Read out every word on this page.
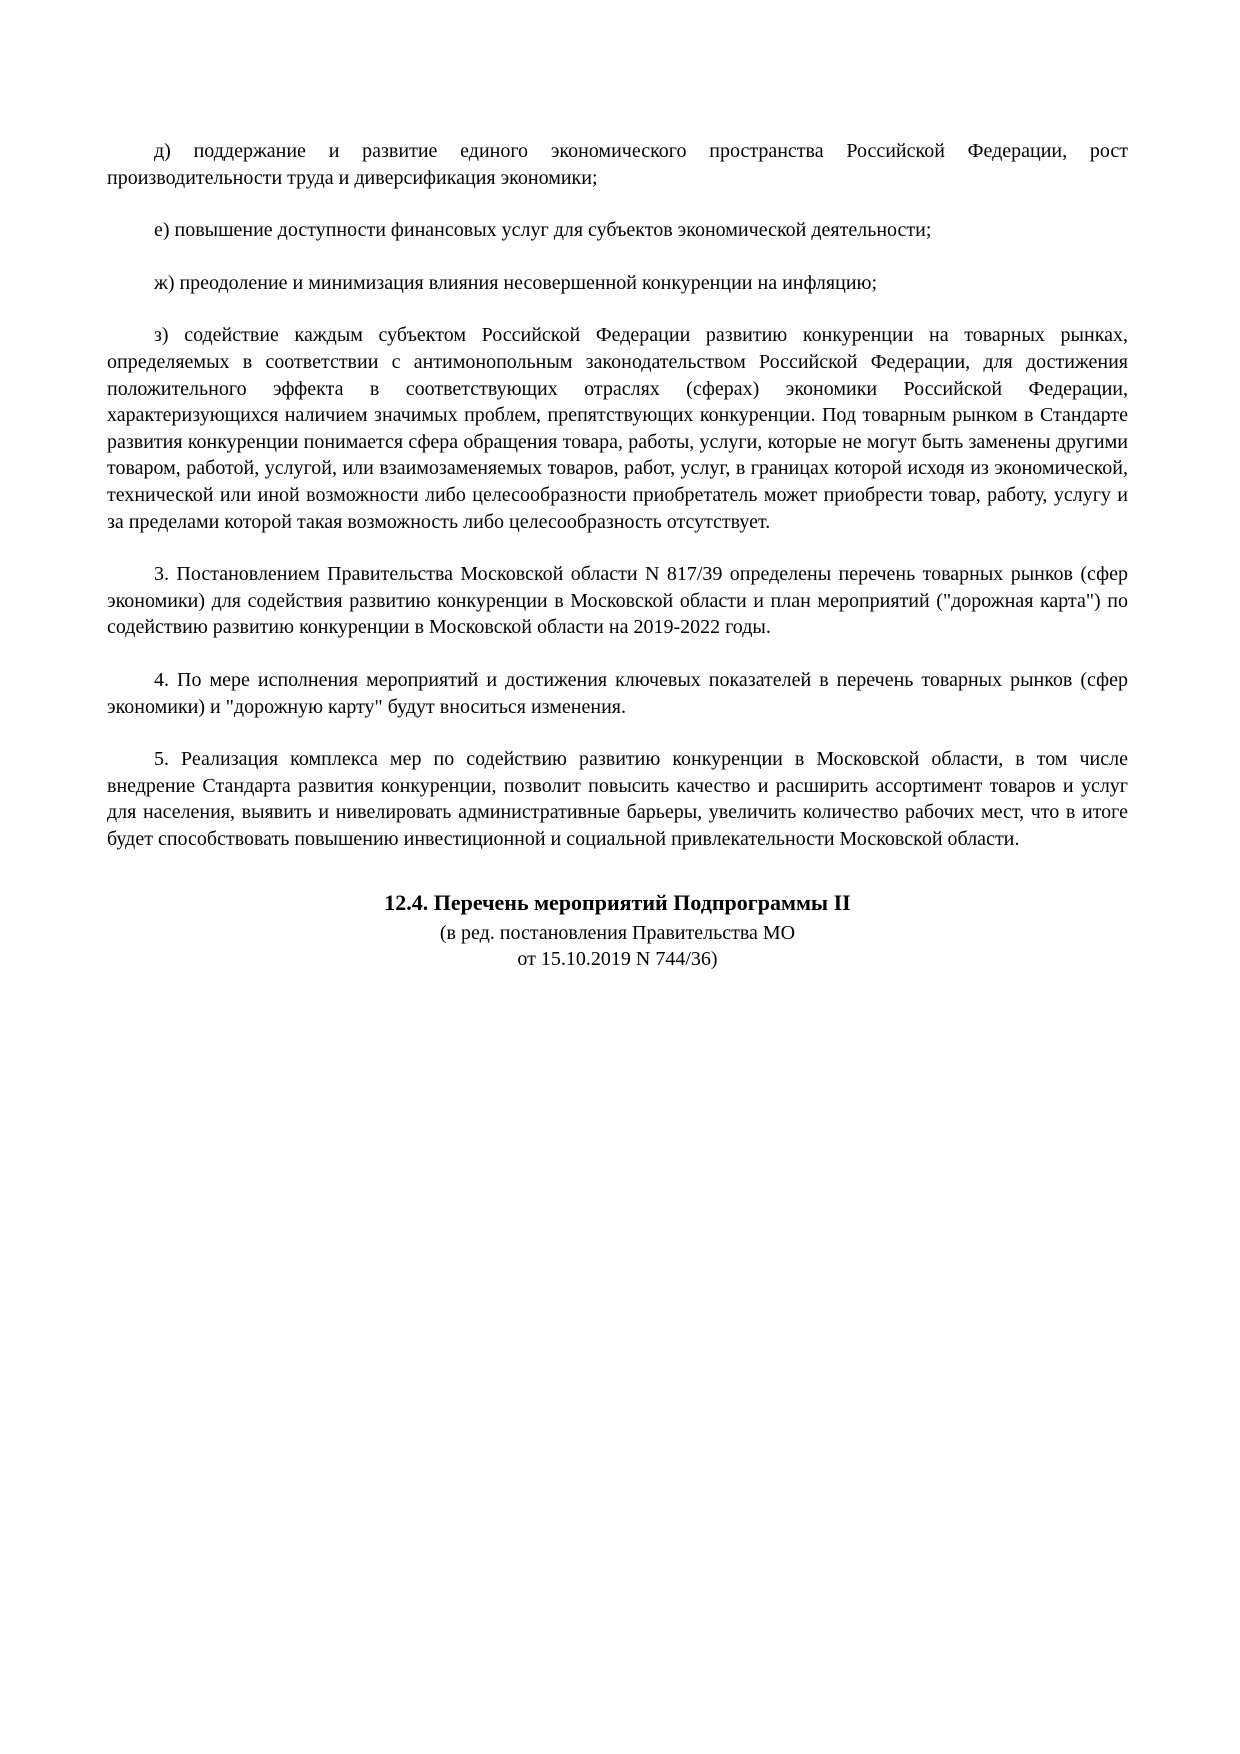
д) поддержание и развитие единого экономического пространства Российской Федерации, рост производительности труда и диверсификация экономики;

е) повышение доступности финансовых услуг для субъектов экономической деятельности;

ж) преодоление и минимизация влияния несовершенной конкуренции на инфляцию;

з) содействие каждым субъектом Российской Федерации развитию конкуренции на товарных рынках, определяемых в соответствии с антимонопольным законодательством Российской Федерации, для достижения положительного эффекта в соответствующих отраслях (сферах) экономики Российской Федерации, характеризующихся наличием значимых проблем, препятствующих конкуренции. Под товарным рынком в Стандарте развития конкуренции понимается сфера обращения товара, работы, услуги, которые не могут быть заменены другими товаром, работой, услугой, или взаимозаменяемых товаров, работ, услуг, в границах которой исходя из экономической, технической или иной возможности либо целесообразности приобретатель может приобрести товар, работу, услугу и за пределами которой такая возможность либо целесообразность отсутствует.

3. Постановлением Правительства Московской области N 817/39 определены перечень товарных рынков (сфер экономики) для содействия развитию конкуренции в Московской области и план мероприятий ("дорожная карта") по содействию развитию конкуренции в Московской области на 2019-2022 годы.

4. По мере исполнения мероприятий и достижения ключевых показателей в перечень товарных рынков (сфер экономики) и "дорожную карту" будут вноситься изменения.

5. Реализация комплекса мер по содействию развитию конкуренции в Московской области, в том числе внедрение Стандарта развития конкуренции, позволит повысить качество и расширить ассортимент товаров и услуг для населения, выявить и нивелировать административные барьеры, увеличить количество рабочих мест, что в итоге будет способствовать повышению инвестиционной и социальной привлекательности Московской области.

12.4. Перечень мероприятий Подпрограммы II

(в ред. постановления Правительства МО

от 15.10.2019 N 744/36)
